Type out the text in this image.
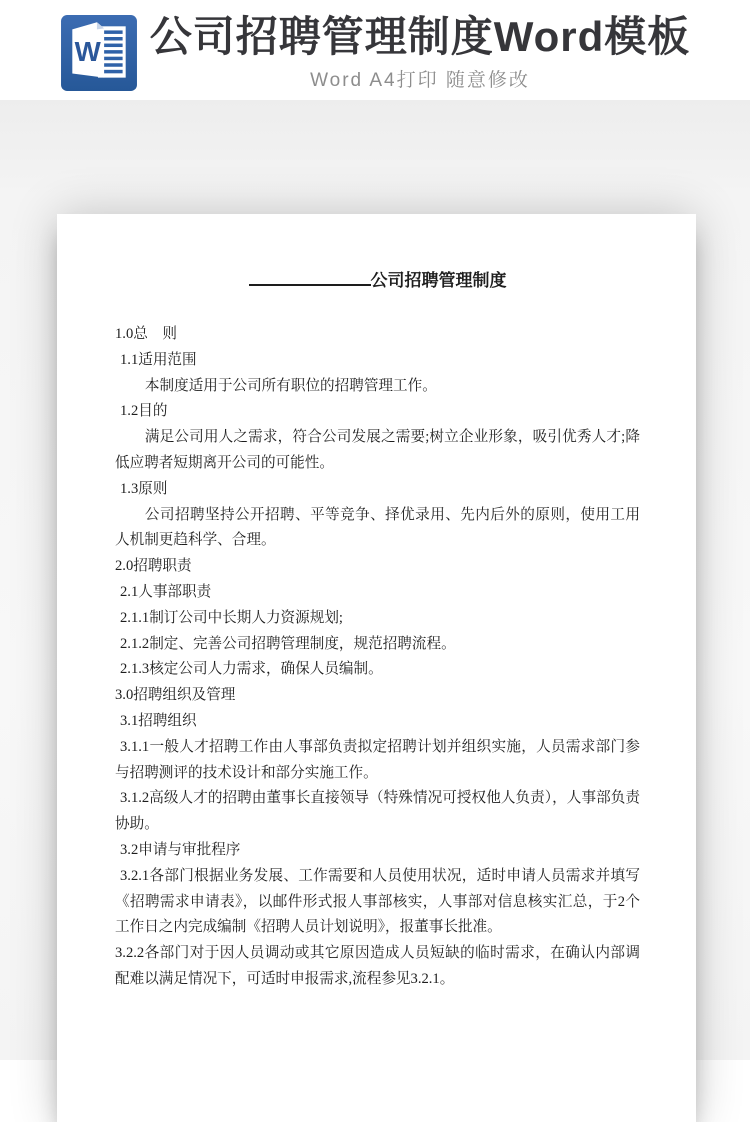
W 公司招聘管理制度Word模板
Word A4打印 随意修改
公司招聘管理制度

1.0总　则

1.1适用范围

本制度适用于公司所有职位的招聘管理工作。

1.2目的

满足公司用人之需求，符合公司发展之需要;树立企业形象，吸引优秀人才;降低应聘者短期离开公司的可能性。

1.3原则

公司招聘坚持公开招聘、平等竞争、择优录用、先内后外的原则，使用工用人机制更趋科学、合理。

2.0招聘职责

2.1人事部职责

2.1.1制订公司中长期人力资源规划;

2.1.2制定、完善公司招聘管理制度，规范招聘流程。

2.1.3核定公司人力需求，确保人员编制。

3.0招聘组织及管理

3.1招聘组织

3.1.1一般人才招聘工作由人事部负责拟定招聘计划并组织实施，人员需求部门参与招聘测评的技术设计和部分实施工作。

3.1.2高级人才的招聘由董事长直接领导（特殊情况可授权他人负责），人事部负责协助。

3.2申请与审批程序

3.2.1各部门根据业务发展、工作需要和人员使用状况，适时申请人员需求并填写《招聘需求申请表》，以邮件形式报人事部核实，人事部对信息核实汇总，于2个工作日之内完成编制《招聘人员计划说明》，报董事长批准。

3.2.2各部门对于因人员调动或其它原因造成人员短缺的临时需求，在确认内部调配难以满足情况下，可适时申报需求,流程参见3.2.1。
